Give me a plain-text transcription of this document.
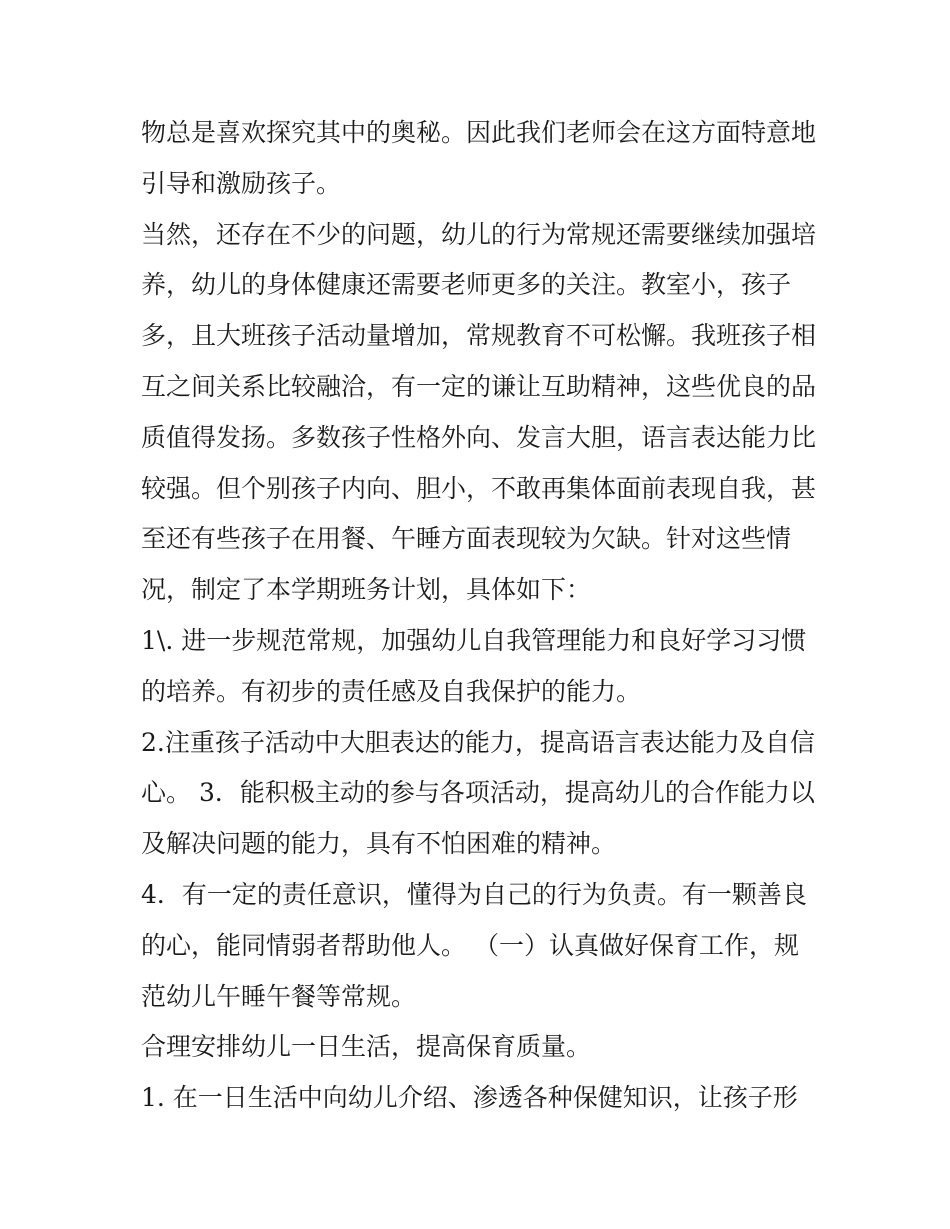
物总是喜欢探究其中的奥秘。因此我们老师会在这方面特意地
引导和激励孩子。
当然，还存在不少的问题，幼儿的行为常规还需要继续加强培
养，幼儿的身体健康还需要老师更多的关注。教室小，孩子
多，且大班孩子活动量增加，常规教育不可松懈。我班孩子相
互之间关系比较融洽，有一定的谦让互助精神，这些优良的品
质值得发扬。多数孩子性格外向、发言大胆，语言表达能力比
较强。但个别孩子内向、胆小，不敢再集体面前表现自我，甚
至还有些孩子在用餐、午睡方面表现较为欠缺。针对这些情
况，制定了本学期班务计划，具体如下：
1\. 进一步规范常规，加强幼儿自我管理能力和良好学习习惯
的培养。有初步的责任感及自我保护的能力。
2.注重孩子活动中大胆表达的能力，提高语言表达能力及自信
心。 3．能积极主动的参与各项活动，提高幼儿的合作能力以
及解决问题的能力，具有不怕困难的精神。
4．有一定的责任意识，懂得为自己的行为负责。有一颗善良
的心，能同情弱者帮助他人。 （一）认真做好保育工作，规
范幼儿午睡午餐等常规。
合理安排幼儿一日生活，提高保育质量。
1. 在一日生活中向幼儿介绍、渗透各种保健知识，让孩子形
